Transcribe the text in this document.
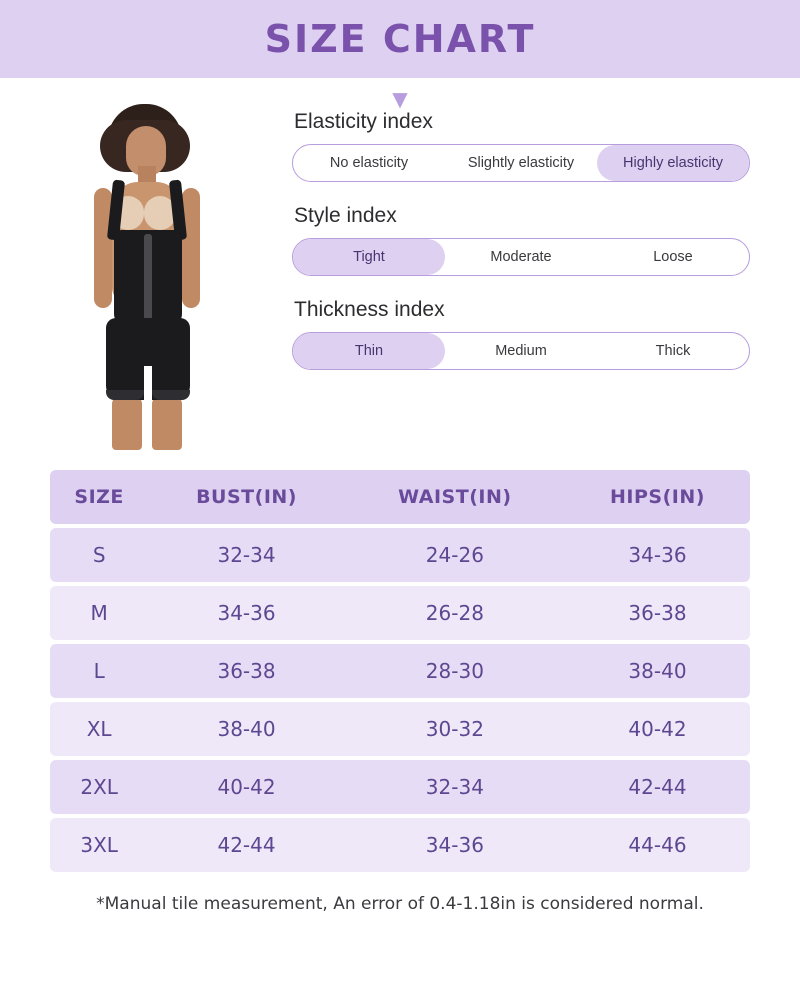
SIZE CHART
▼
Elasticity index
No elasticity	Slightly elasticity	Highly elasticity
Style index
Tight	Moderate	Loose
Thickness index
Thin	Medium	Thick
SIZE	BUST(IN)	WAIST(IN)	HIPS(IN)
S	32-34	24-26	34-36
M	34-36	26-28	36-38
L	36-38	28-30	38-40
XL	38-40	30-32	40-42
2XL	40-42	32-34	42-44
3XL	42-44	34-36	44-46
*Manual tile measurement, An error of 0.4-1.18in is considered normal.
